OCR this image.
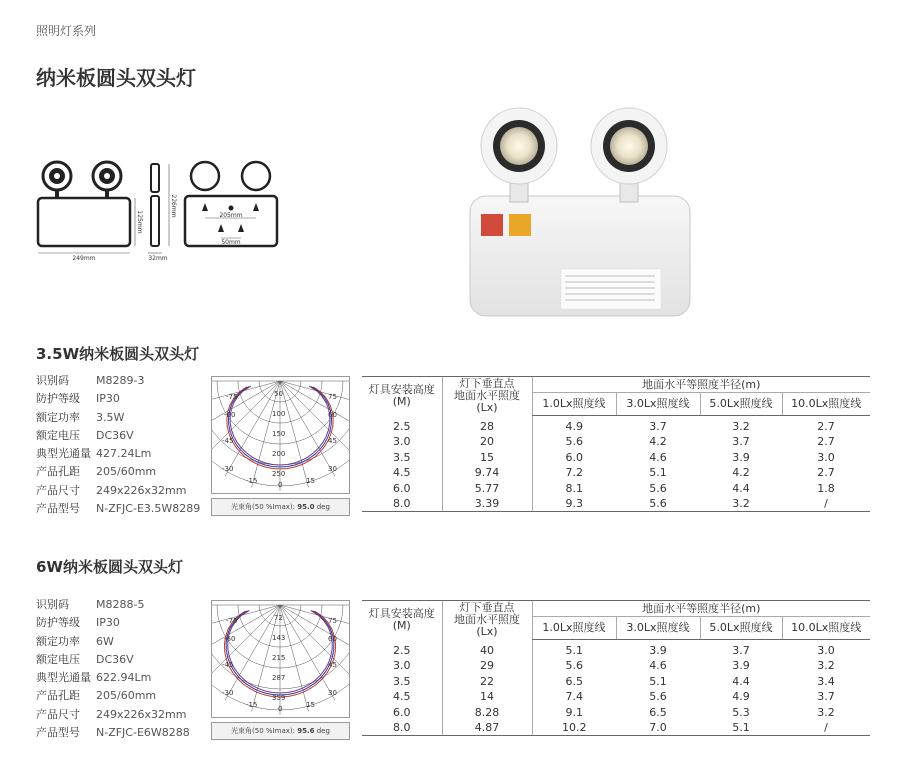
照明灯系列
纳米板圆头双头灯
249mm
125mm
32mm
226mm	205mm
50mm
3.5W纳米板圆头双头灯
识别码	M8289-3
防护等级	IP30
额定功率	3.5W
额定电压	DC36V
典型光通量 427.24Lm
产品孔距	205/60mm
产品尺寸	249x226x32mm
产品型号	N-ZFJC-E3.5W8289
-75
-60
-45
-30
-15
75
60
45
30
15
0
50
100
150
200
250
光束角(50 %Imax): 95.0 deg
灯具安装高度
(M)	灯下垂直点
地面水平照度
(Lx)	地面水平等照度半径(m)			
		1.0Lx照度线	3.0Lx照度线	5.0Lx照度线	10.0Lx照度线
2.5	28	4.9	3.7	3.2	2.7
3.0	20	5.6	4.2	3.7	2.7
3.5	15	6.0	4.6	3.9	3.0
4.5	9.74	7.2	5.1	4.2	2.7
6.0	5.77	8.1	5.6	4.4	1.8
8.0	3.39	9.3	5.6	3.2	/
6W纳米板圆头双头灯
识别码	M8288-5
防护等级	IP30
额定功率	6W
额定电压	DC36V
典型光通量 622.94Lm
产品孔距	205/60mm
产品尺寸	249x226x32mm
产品型号	N-ZFJC-E6W8288
-75
-60
-45
-30
-15
75
60
45
30
15
0
72
143
215
287
359
光束角(50 %Imax): 95.6 deg
灯具安装高度
(M)	灯下垂直点
地面水平照度
(Lx)	地面水平等照度半径(m)			
		1.0Lx照度线	3.0Lx照度线	5.0Lx照度线	10.0Lx照度线
2.5	40	5.1	3.9	3.7	3.0
3.0	29	5.6	4.6	3.9	3.2
3.5	22	6.5	5.1	4.4	3.4
4.5	14	7.4	5.6	4.9	3.7
6.0	8.28	9.1	6.5	5.3	3.2
8.0	4.87	10.2	7.0	5.1	/
